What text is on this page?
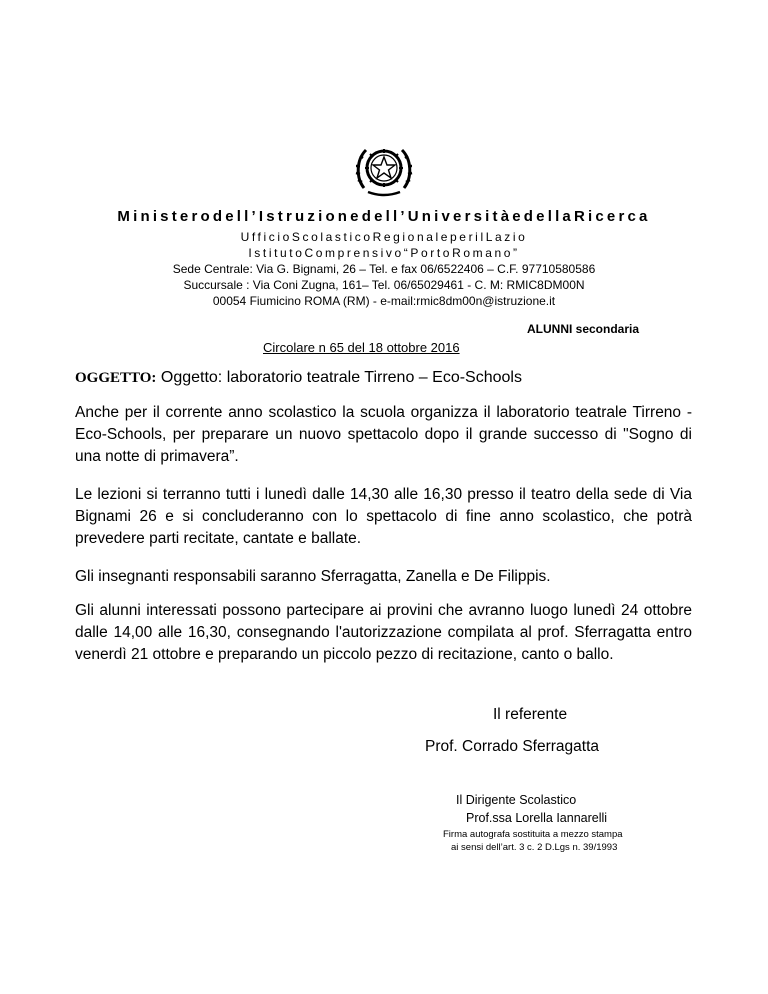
Ministerodell’Istruzionedell’UniversitàedellaRicerca
UfficioScolasticoRegionaleperilLazio
IstitutoComprensivo“PortoRomano”
Sede Centrale: Via G. Bignami, 26 – Tel. e fax 06/6522406 – C.F. 97710580586
Succursale : Via Coni Zugna, 161– Tel. 06/65029461 - C. M: RMIC8DM00N
00054 Fiumicino ROMA (RM) - e-mail:rmic8dm00n@istruzione.it
ALUNNI secondaria
Circolare n 65 del 18 ottobre 2016
OGGETTO: Oggetto: laboratorio teatrale Tirreno – Eco-Schools
Anche per il corrente anno scolastico la scuola organizza il laboratorio teatrale Tirreno - Eco-Schools, per preparare un nuovo spettacolo dopo il grande successo di "Sogno di una notte di primavera”.
Le lezioni si terranno tutti i lunedì dalle 14,30 alle 16,30 presso il teatro della sede di Via Bignami 26 e si concluderanno con lo spettacolo di fine anno scolastico, che potrà prevedere parti recitate, cantate e ballate.
Gli insegnanti responsabili saranno Sferragatta, Zanella e De Filippis.
Gli alunni interessati possono partecipare ai provini che avranno luogo lunedì 24 ottobre dalle 14,00 alle 16,30, consegnando l'autorizzazione compilata al prof. Sferragatta entro venerdì 21 ottobre e preparando un piccolo pezzo di recitazione, canto o ballo.
Il referente
Prof. Corrado Sferragatta
Il Dirigente Scolastico
Prof.ssa Lorella Iannarelli
Firma autografa sostituita a mezzo stampa
ai sensi dell’art. 3 c. 2 D.Lgs n. 39/1993
